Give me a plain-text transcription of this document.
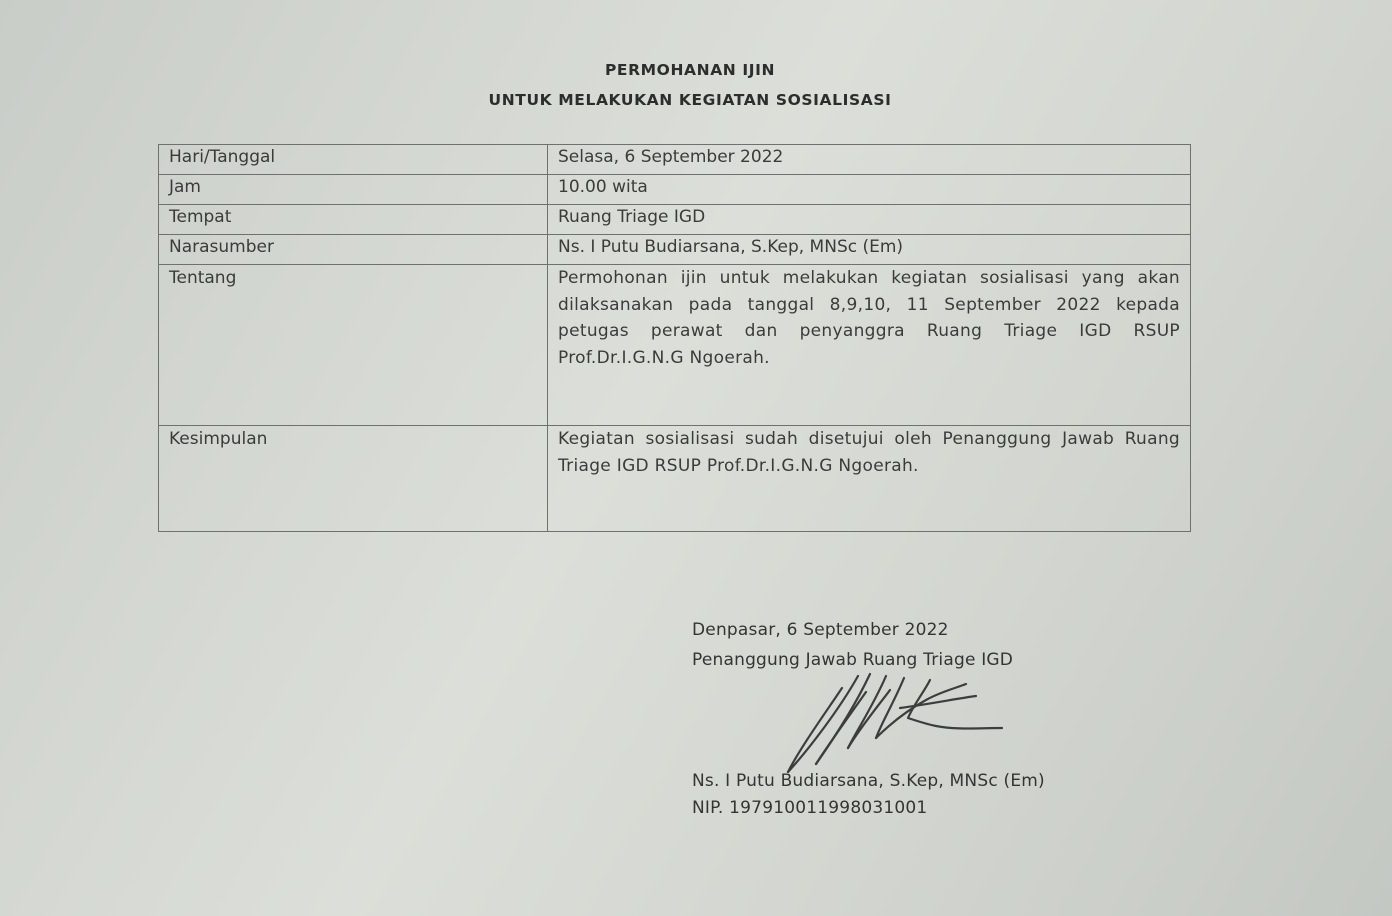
PERMOHANAN IJIN
UNTUK MELAKUKAN KEGIATAN SOSIALISASI
Hari/Tanggal	Selasa, 6 September 2022
Jam	10.00 wita
Tempat	Ruang Triage IGD
Narasumber	Ns. I Putu Budiarsana, S.Kep, MNSc (Em)
Tentang	Permohonan ijin untuk melakukan kegiatan sosialisasi yang akan dilaksanakan pada tanggal 8,9,10, 11 September 2022 kepada petugas perawat dan penyanggra Ruang Triage IGD RSUP Prof.Dr.I.G.N.G Ngoerah.
Kesimpulan	Kegiatan sosialisasi sudah disetujui oleh Penanggung Jawab Ruang Triage IGD RSUP Prof.Dr.I.G.N.G Ngoerah.
Denpasar, 6 September 2022
Penanggung Jawab Ruang Triage IGD
Ns. I Putu Budiarsana, S.Kep, MNSc (Em)
NIP. 197910011998031001
